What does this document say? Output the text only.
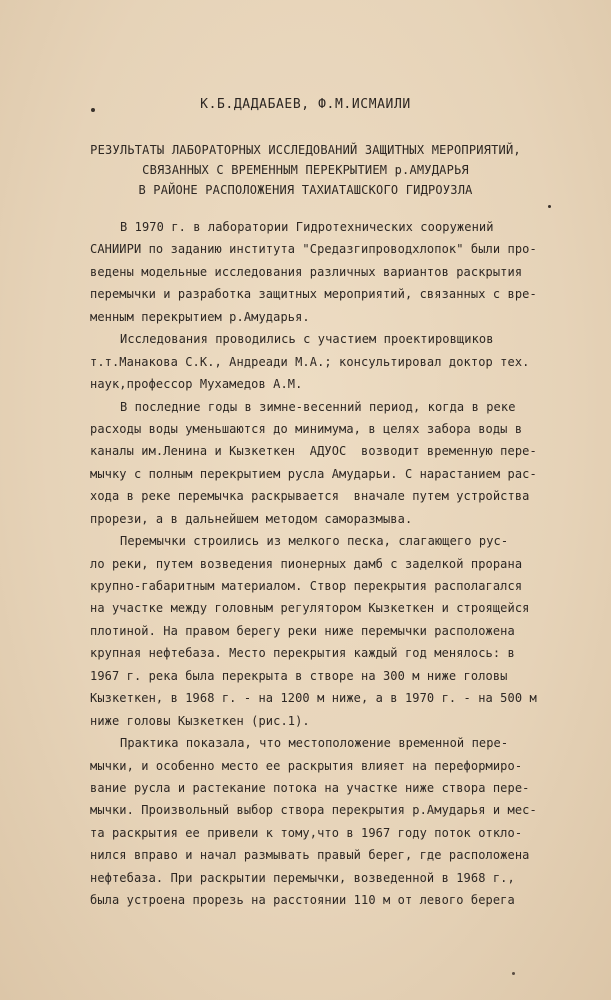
К.Б.ДАДАБАЕВ, Ф.М.ИСМАИЛИ
РЕЗУЛЬТАТЫ ЛАБОРАТОРНЫХ ИССЛЕДОВАНИЙ ЗАЩИТНЫХ МЕРОПРИЯТИЙ,
СВЯЗАННЫХ С ВРЕМЕННЫМ ПЕРЕКРЫТИЕМ р.АМУДАРЬЯ
В РАЙОНЕ РАСПОЛОЖЕНИЯ ТАХИАТАШСКОГО ГИДРОУЗЛА
В 1970 г. в лаборатории Гидротехнических сооружений
САНИИРИ по заданию института "Средазгипроводхлопок" были про-
ведены модельные исследования различных вариантов раскрытия
перемычки и разработка защитных мероприятий, связанных с вре-
менным перекрытием р.Амударья.
Исследования проводились с участием проектировщиков
т.т.Манакова С.К., Андреади М.А.; консультировал доктор тех.
наук,профессор Мухамедов А.М.
В последние годы в зимне-весенний период, когда в реке
расходы воды уменьшаются до минимума, в целях забора воды в
каналы им.Ленина и Кызкеткен  АДУОС  возводит временную пере-
мычку с полным перекрытием русла Амударьи. С нарастанием рас-
хода в реке перемычка раскрывается  вначале путем устройства
прорези, а в дальнейшем методом саморазмыва.
Перемычки строились из мелкого песка, слагающего рус-
ло реки, путем возведения пионерных дамб с заделкой прорана
крупно-габаритным материалом. Створ перекрытия располагался
на участке между головным регулятором Кызкеткен и строящейся
плотиной. На правом берегу реки ниже перемычки расположена
крупная нефтебаза. Место перекрытия каждый год менялось: в
1967 г. река была перекрыта в створе на 300 м ниже головы
Кызкеткен, в 1968 г. - на 1200 м ниже, а в 1970 г. - на 500 м
ниже головы Кызкеткен (рис.1).
Практика показала, что местоположение временной пере-
мычки, и особенно место ее раскрытия влияет на переформиро-
вание русла и растекание потока на участке ниже створа пере-
мычки. Произвольный выбор створа перекрытия р.Амударья и мес-
та раскрытия ее привели к тому,что в 1967 году поток откло-
нился вправо и начал размывать правый берег, где расположена
нефтебаза. При раскрытии перемычки, возведенной в 1968 г.,
была устроена прорезь на расстоянии 110 м от левого берега
